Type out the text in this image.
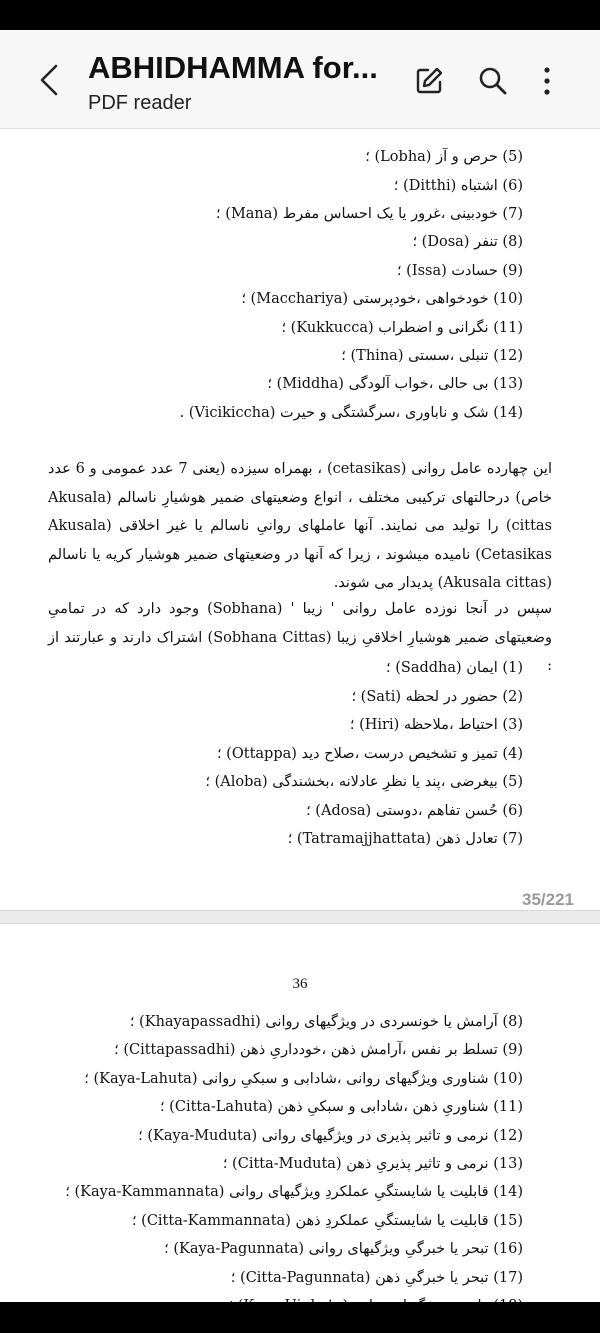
ABHIDHAMMA for...
PDF reader
(5) حرص و آز (Lobha) ؛
(6) اشتباه (Ditthi) ؛
(7) خودبینی ،غرور یا یک احساس مفرط (Mana) ؛
(8) تنفر (Dosa) ؛
(9) حسادت (Issa) ؛
(10) خودخواهی ،خودپرستی (Macchariya) ؛
(11) نگرانی و اضطراب (Kukkucca) ؛
(12) تنبلی ،سستی (Thina) ؛
(13) بی حالی ،خواب آلودگی (Middha) ؛
(14) شک و ناباوری ،سرگشتگی و حیرت (Vicikiccha) .
این چهارده عامل روانی (cetasikas) ، بهمراه سیزده (یعنی 7 عدد عمومی و 6 عدد خاص) درحالتهای ترکیبی مختلف ، انواع وضعیتهای ضمیر هوشیارِ ناسالم (Akusala cittas) را تولید می نمایند. آنها عاملهای روانیِ ناسالم یا غیر اخلاقی (Akusala Cetasikas) نامیده میشوند ، زیرا که آنها در وضعیتهای ضمیر هوشیار کریه یا ناسالم (Akusala cittas) پدیدار می شوند.
سپس در آنجا نوزده عامل روانی ' زیبا ' (Sobhana) وجود دارد که در تمامیِ وضعیتهای ضمیر هوشیارِ اخلاقیِ زیبا (Sobhana Cittas) اشتراک دارند و عبارتند از :
(1) ایمان (Saddha) ؛
(2) حضور در لحظه (Sati) ؛
(3) احتیاط ،ملاحظه (Hiri) ؛
(4) تمیز و تشخیص درست ،صلاح دید (Ottappa) ؛
(5) بیغرضی ،پند یا نظرِ عادلانه ،بخشندگی (Aloba) ؛
(6) حُسن تفاهم ،دوستی (Adosa) ؛
(7) تعادل ذهن (Tatramajjhattata) ؛
35/221
36
(8) آرامش یا خونسردی در ویژگیهای روانی (Khayapassadhi) ؛
(9) تسلط بر نفس ،آرامش ذهن ،خودداریِ ذهن (Cittapassadhi) ؛
(10) شناوری ویژگیهای روانی ،شادابی و سبکیِ روانی (Kaya-Lahuta) ؛
(11) شناوریِ ذهن ،شادابی و سبکیِ ذهن (Citta-Lahuta) ؛
(12) نرمی و تاثیر پذیری در ویژگیهای روانی (Kaya-Muduta) ؛
(13) نرمی و تاثیر پذیریِ ذهن (Citta-Muduta) ؛
(14) قابلیت یا شایستگیِ عملکردِ ویژگیهای روانی (Kaya-Kammannata) ؛
(15) قابلیت یا شایستگیِ عملکردِ ذهن (Citta-Kammannata) ؛
(16) تبحر یا خبرگیِ ویژگیهای روانی (Kaya-Pagunnata) ؛
(17) تبحر یا خبرگیِ ذهن (Citta-Pagunnata) ؛
